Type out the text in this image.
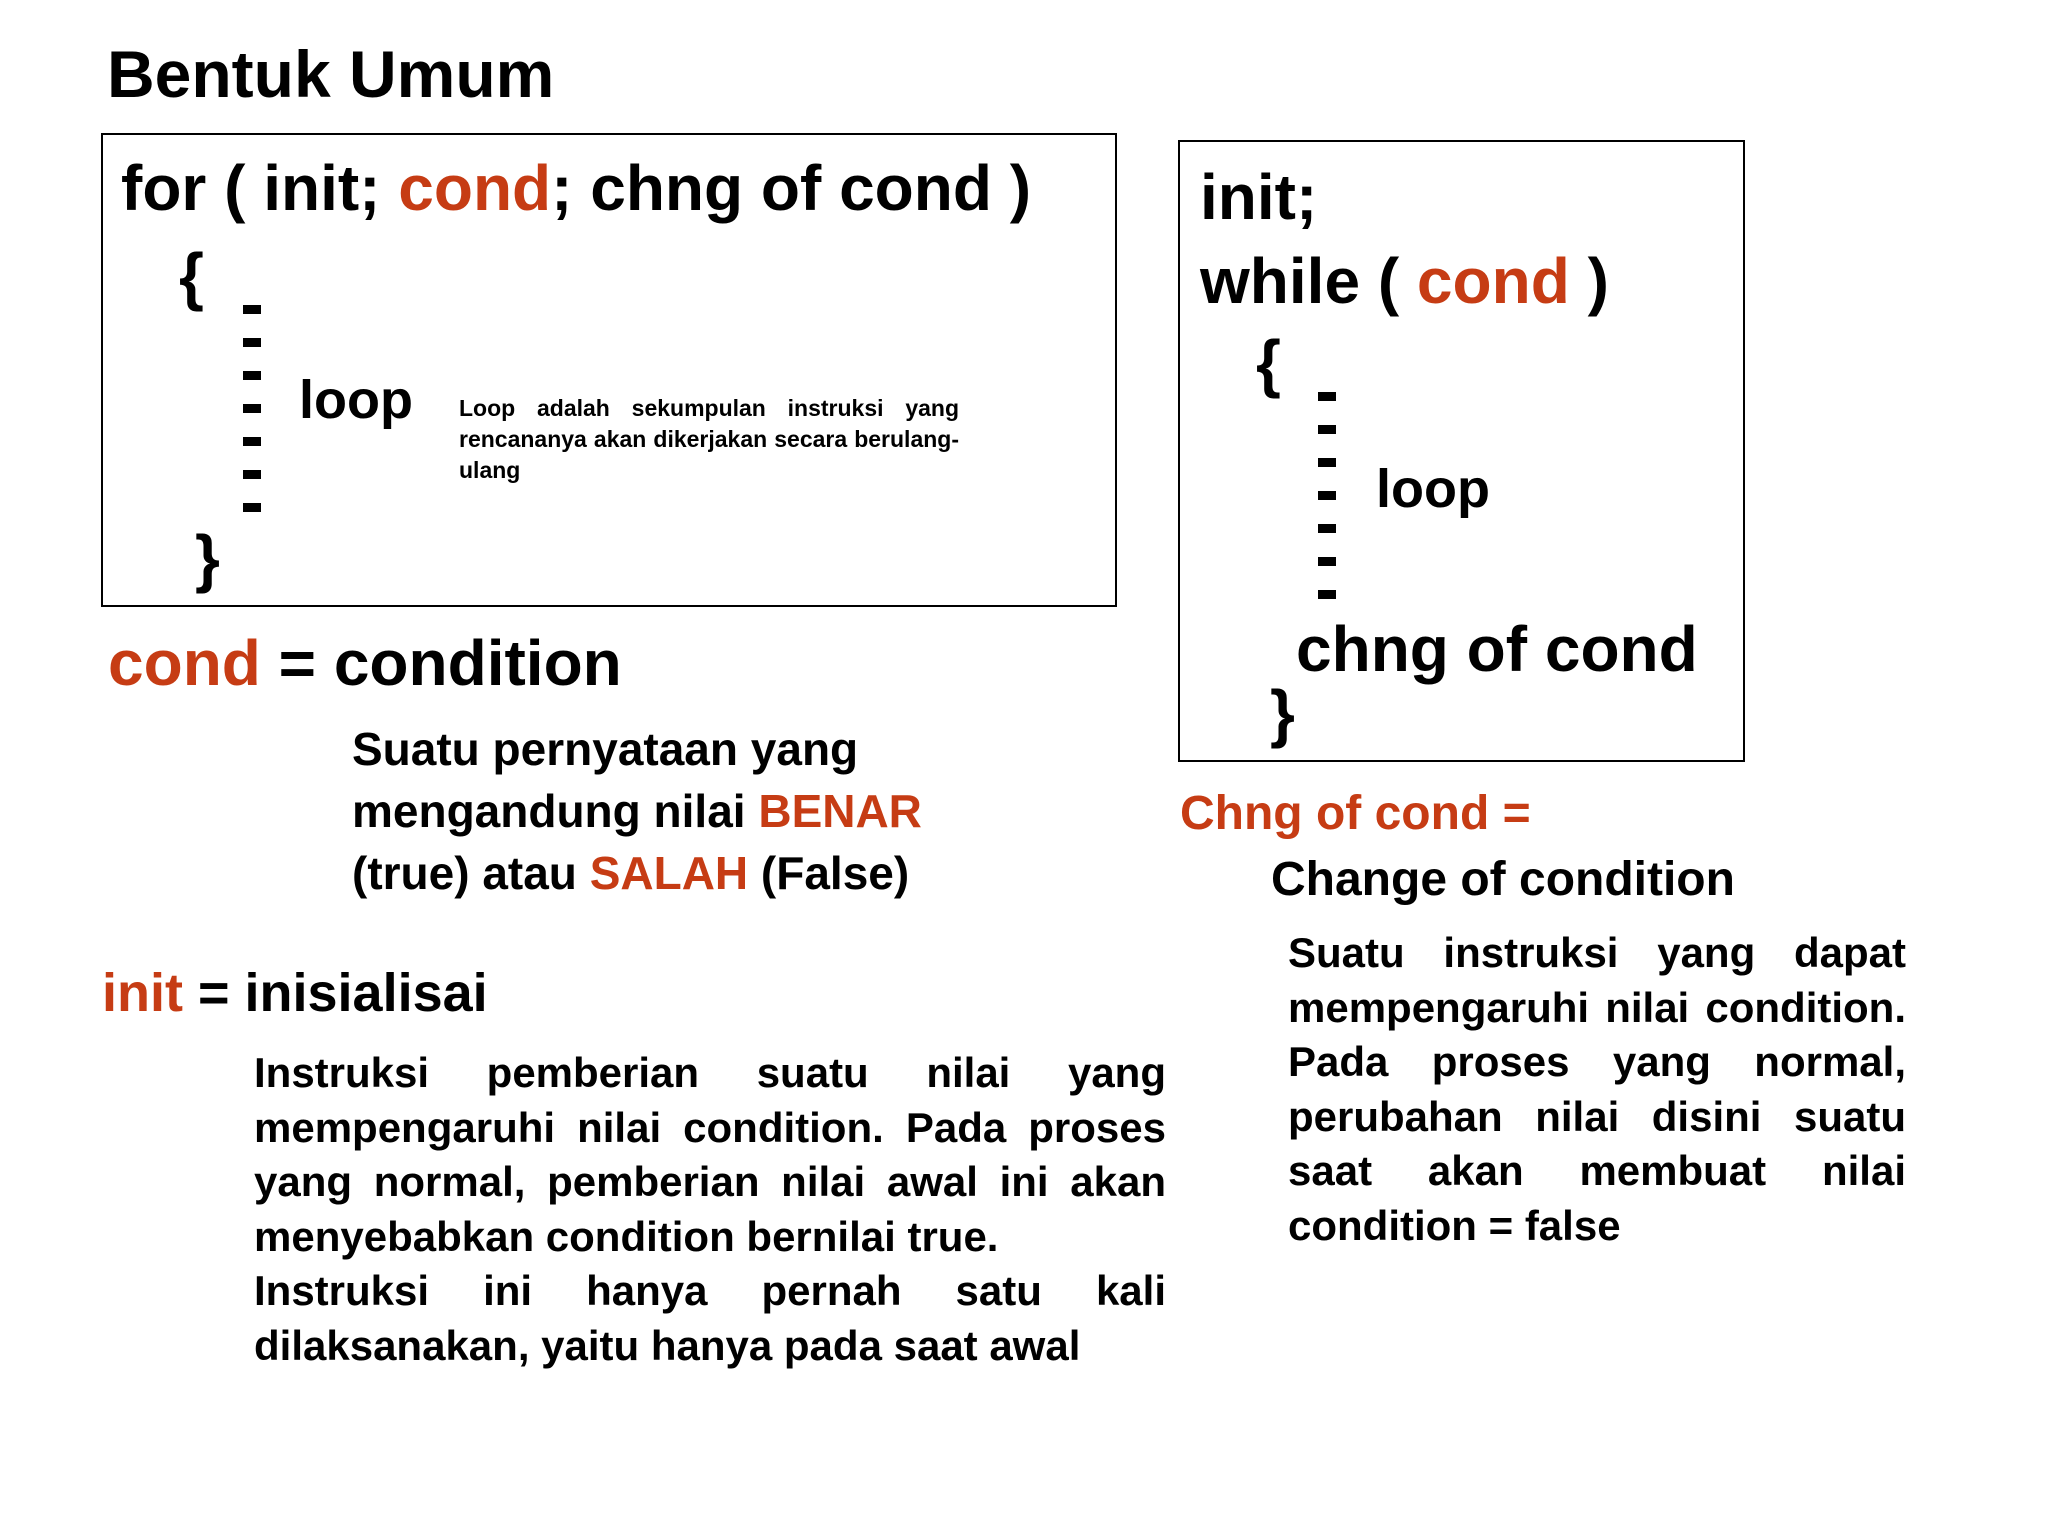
Bentuk Umum
for ( init; cond; chng of cond )
{
loop Loop adalah sekumpulan instruksi yang rencananya akan dikerjakan secara berulang-ulang
}
init;
while ( cond )
{
loop
chng of cond
}
cond = condition
Suatu pernyataan yang
mengandung nilai BENAR
(true) atau SALAH (False)
init = inisialisai
Instruksi pemberian suatu nilai yang mempengaruhi nilai condition. Pada proses yang normal, pemberian nilai awal ini akan menyebabkan condition bernilai true.
Instruksi ini hanya pernah satu kali dilaksanakan, yaitu hanya pada saat awal
Chng of cond =
Change of condition
Suatu instruksi yang dapat mempengaruhi nilai condition. Pada proses yang normal, perubahan nilai disini suatu saat akan membuat nilai condition = false
